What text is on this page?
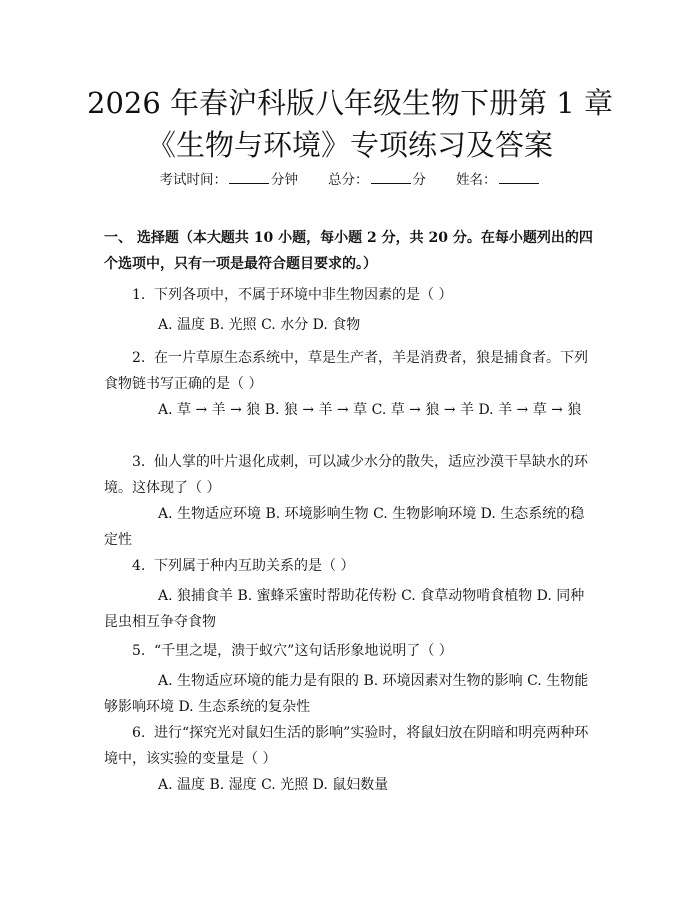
2026 年春沪科版八年级生物下册第 1 章《生物与环境》专项练习及答案
考试时间：	分钟 总分：	分 姓名：

一、 选择题（本大题共 10 小题，每小题 2 分，共 20 分。在每小题列出的四个选项中，只有一项是最符合题目要求的。）

1. 下列各项中，不属于环境中非生物因素的是（ ）

A. 温度 B. 光照 C. 水分 D. 食物

2. 在一片草原生态系统中，草是生产者，羊是消费者，狼是捕食者。下列食物链书写正确的是（ ）

A. 草 → 羊 → 狼 B. 狼 → 羊 → 草 C. 草 → 狼 → 羊 D. 羊 → 草 → 狼

3. 仙人掌的叶片退化成刺，可以减少水分的散失，适应沙漠干旱缺水的环境。这体现了（ ）

A. 生物适应环境 B. 环境影响生物 C. 生物影响环境 D. 生态系统的稳定性

4. 下列属于种内互助关系的是（ ）

A. 狼捕食羊 B. 蜜蜂采蜜时帮助花传粉 C. 食草动物啃食植物 D. 同种昆虫相互争夺食物

5. “千里之堤，溃于蚁穴”这句话形象地说明了（ ）

A. 生物适应环境的能力是有限的 B. 环境因素对生物的影响 C. 生物能够影响环境 D. 生态系统的复杂性

6. 进行“探究光对鼠妇生活的影响”实验时，将鼠妇放在阴暗和明亮两种环境中，该实验的变量是（ ）

A. 温度 B. 湿度 C. 光照 D. 鼠妇数量
